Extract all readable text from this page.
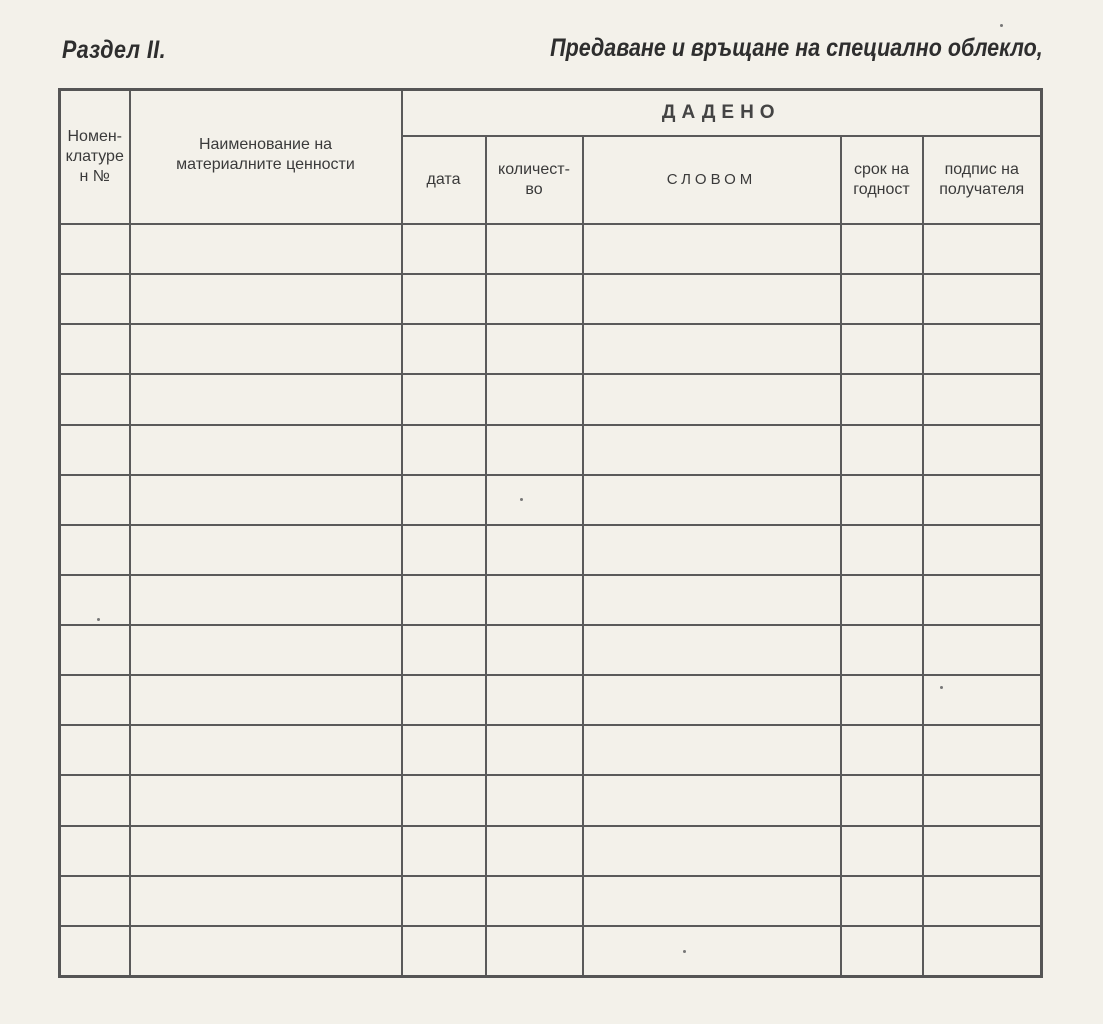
Раздел II.	Предаване и връщане на специално облекло,
Номен-клатурен №	Наименование на материалните ценности	ДАДЕНО				
		дата	количест-во	СЛОВОМ	срок на годност	подпис на получателя
